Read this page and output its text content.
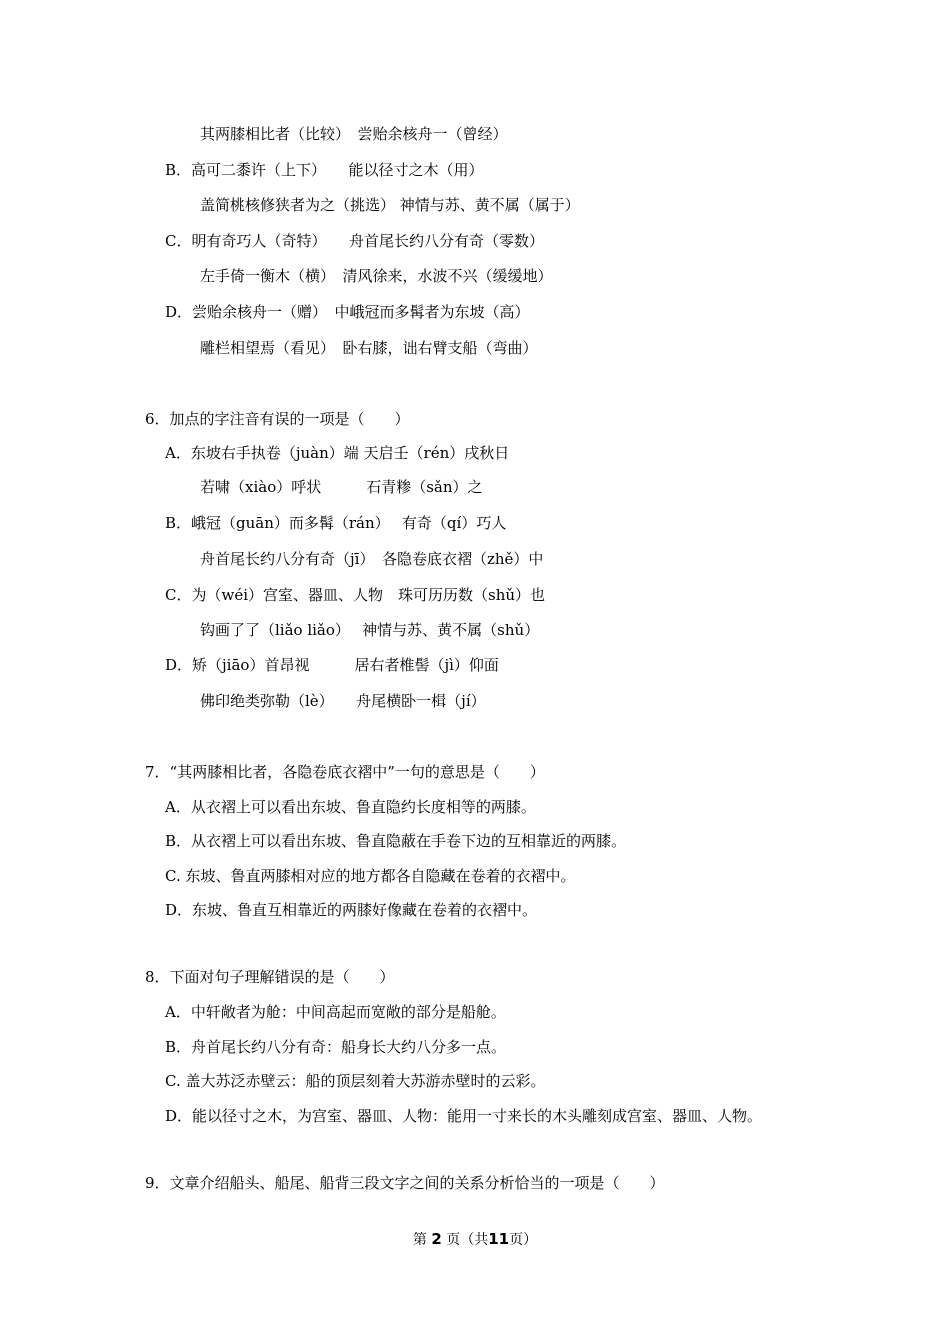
其两膝相比者（比较）　尝贻余核舟一（曾经）
B．高可二黍许（上下）　　能以径寸之木（用）
盖简桃核修狭者为之（挑选） 神情与苏、黄不属（属于）
C．明有奇巧人（奇特）　　舟首尾长约八分有奇（零数）
左手倚一衡木（横）　清风徐来，水波不兴（缓缓地）
D．尝贻余核舟一（赠）　中峨冠而多髯者为东坡（高）
雕栏相望焉（看见）　卧右膝，诎右臂支船（弯曲）
6．加点的字注音有误的一项是（　　）
A．东坡右手执卷（juàn）端 天启壬（rén）戌秋日
若啸（xiào）呼状　　　石青糁（sǎn）之
B．峨冠（guān）而多髯（rán）　 有奇（qí）巧人
舟首尾长约八分有奇（jī）　各隐卷底衣褶（zhě）中
C．为（wéi）宫室、器皿、人物　珠可历历数（shǔ）也
钩画了了（liǎo liǎo）　 神情与苏、黄不属（shǔ）
D．矫（jiāo）首昂视　　　居右者椎髻（jì）仰面
佛印绝类弥勒（lè）　　舟尾横卧一楫（jí）
7．“其两膝相比者，各隐卷底衣褶中”一句的意思是（　　）
A．从衣褶上可以看出东坡、鲁直隐约长度相等的两膝。
B．从衣褶上可以看出东坡、鲁直隐蔽在手卷下边的互相靠近的两膝。
C. 东坡、鲁直两膝相对应的地方都各自隐藏在卷着的衣褶中。
D．东坡、鲁直互相靠近的两膝好像藏在卷着的衣褶中。
8．下面对句子理解错误的是（　　）
A．中轩敞者为舱：中间高起而宽敞的部分是船舱。
B．舟首尾长约八分有奇：船身长大约八分多一点。
C. 盖大苏泛赤壁云：船的顶层刻着大苏游赤壁时的云彩。
D．能以径寸之木，为宫室、器皿、人物：能用一寸来长的木头雕刻成宫室、器皿、人物。
9．文章介绍船头、船尾、船背三段文字之间的关系分析恰当的一项是（　　）
第 2 页（共11页）
